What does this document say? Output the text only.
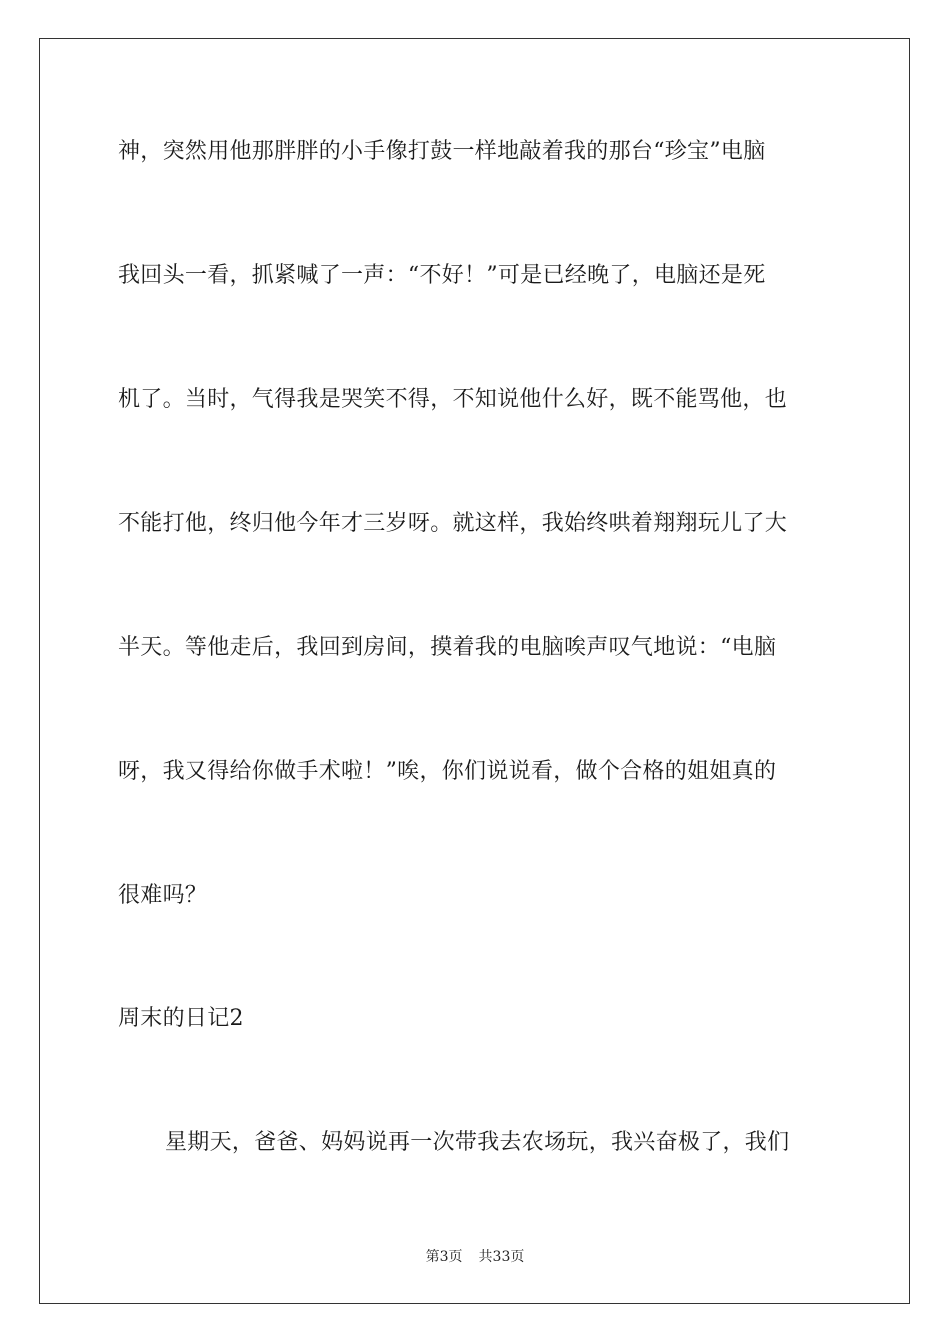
神，突然用他那胖胖的小手像打鼓一样地敲着我的那台“珍宝”电脑
我回头一看，抓紧喊了一声：“不好！”可是已经晚了，电脑还是死
机了。当时，气得我是哭笑不得，不知说他什么好，既不能骂他，也
不能打他，终归他今年才三岁呀。就这样，我始终哄着翔翔玩儿了大
半天。等他走后，我回到房间，摸着我的电脑唉声叹气地说：“电脑
呀，我又得给你做手术啦！”唉，你们说说看，做个合格的姐姐真的
很难吗？
周末的日记2
星期天，爸爸、妈妈说再一次带我去农场玩，我兴奋极了，我们
第3页 共33页
